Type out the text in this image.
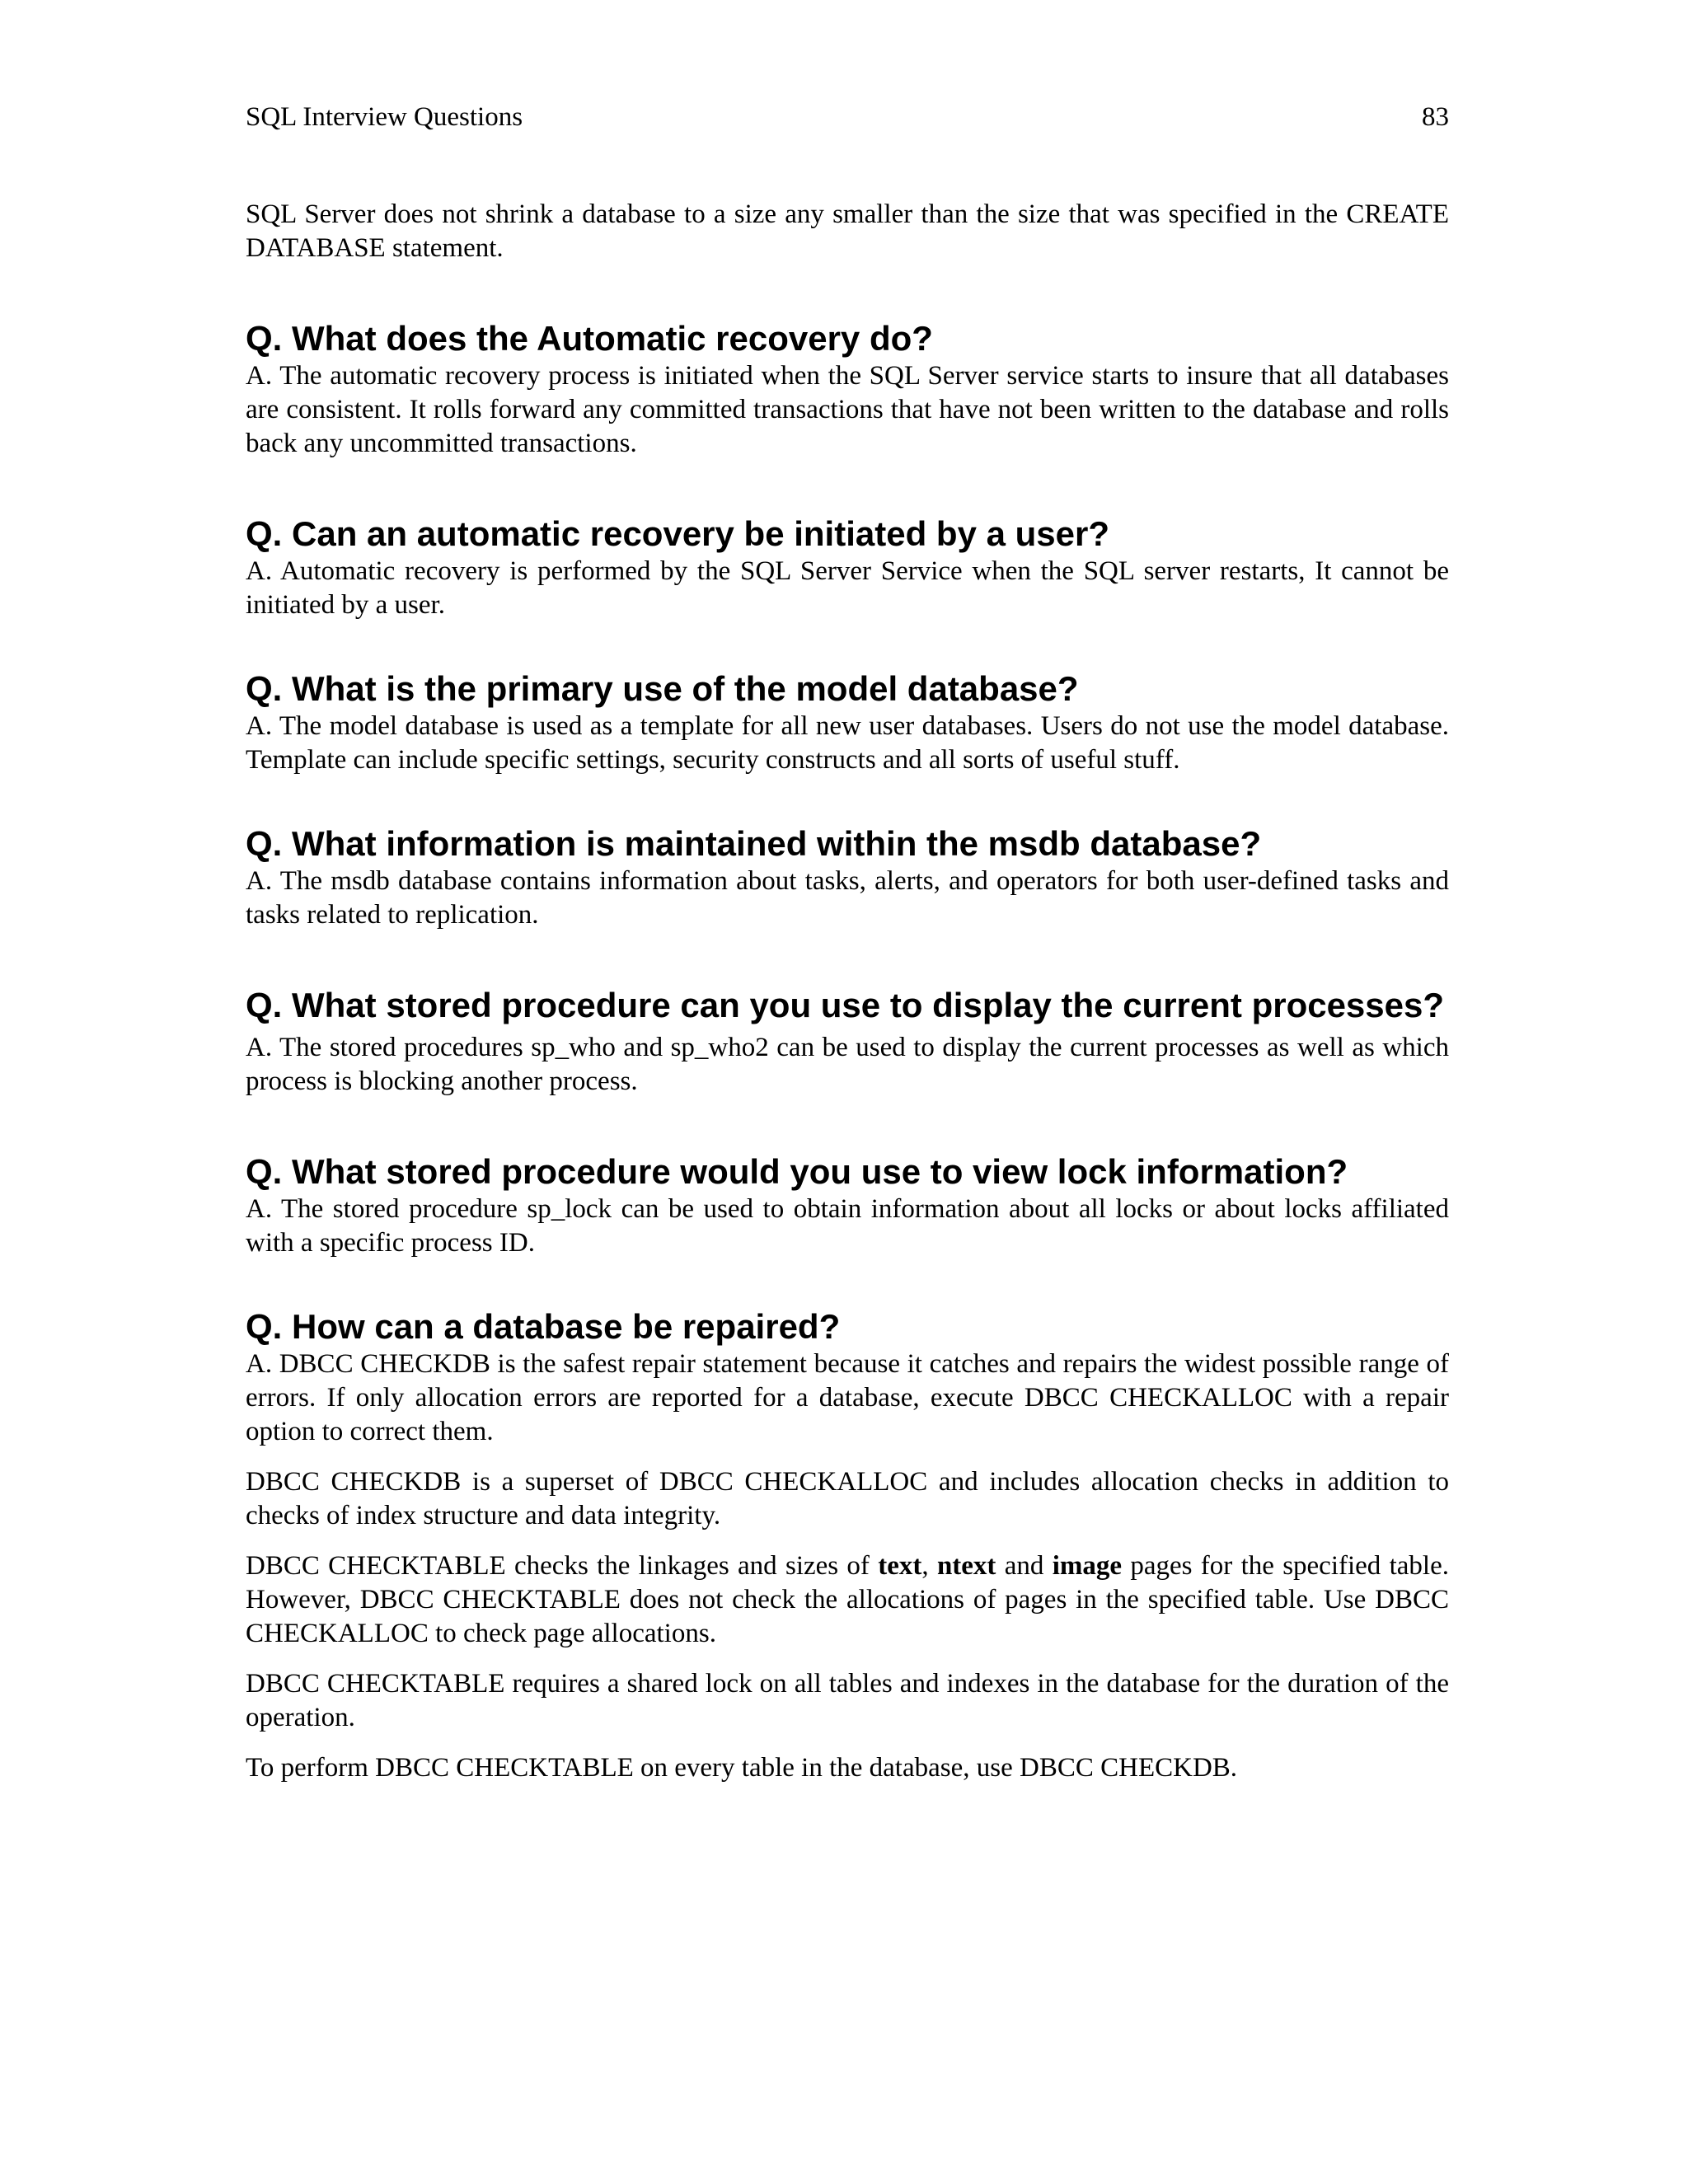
SQL Interview Questions	83

SQL Server does not shrink a database to a size any smaller than the size that was specified in the CREATE DATABASE statement.

Q. What does the Automatic recovery do?

A. The automatic recovery process is initiated when the SQL Server service starts to insure that all databases are consistent. It rolls forward any committed transactions that have not been written to the database and rolls back any uncommitted transactions.

Q. Can an automatic recovery be initiated by a user?

A. Automatic recovery is performed by the SQL Server Service when the SQL server restarts, It cannot be initiated by a user.

Q. What is the primary use of the model database?

A. The model database is used as a template for all new user databases. Users do not use the model database. Template can include specific settings, security constructs and all sorts of useful stuff.

Q. What information is maintained within the msdb database?

A. The msdb database contains information about tasks, alerts, and operators for both user-defined tasks and tasks related to replication.

Q. What stored procedure can you use to display the current processes?

A. The stored procedures sp_who and sp_who2 can be used to display the current processes as well as which process is blocking another process.

Q. What stored procedure would you use to view lock information?

A. The stored procedure sp_lock can be used to obtain information about all locks or about locks affiliated with a specific process ID.

Q. How can a database be repaired?

A. DBCC CHECKDB is the safest repair statement because it catches and repairs the widest possible range of errors. If only allocation errors are reported for a database, execute DBCC CHECKALLOC with a repair option to correct them.

DBCC CHECKDB is a superset of DBCC CHECKALLOC and includes allocation checks in addition to checks of index structure and data integrity.

DBCC CHECKTABLE checks the linkages and sizes of text, ntext and image pages for the specified table. However, DBCC CHECKTABLE does not check the allocations of pages in the specified table. Use DBCC CHECKALLOC to check page allocations.

DBCC CHECKTABLE requires a shared lock on all tables and indexes in the database for the duration of the operation.

To perform DBCC CHECKTABLE on every table in the database, use DBCC CHECKDB.
